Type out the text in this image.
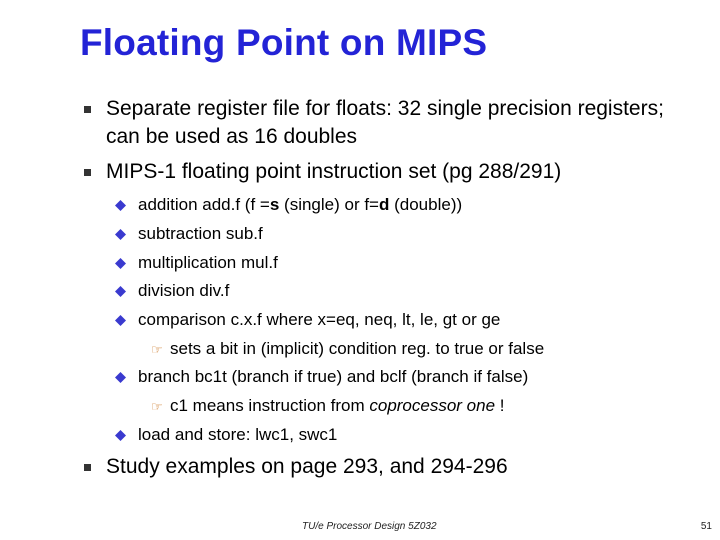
Floating Point on MIPS
Separate register file for floats: 32 single precision registers; can be used as 16 doubles
MIPS-1 floating point instruction set (pg 288/291)
addition add.f (f =s (single) or f=d (double))
subtraction sub.f
multiplication mul.f
division div.f
comparison c.x.f where x=eq, neq, lt, le, gt or ge
☞ sets a bit in (implicit) condition reg. to true or false
branch bc1t (branch if true) and bclf (branch if false)
☞ c1 means instruction from coprocessor one !
load and store: lwc1, swc1
Study examples on page 293, and 294-296
TU/e Processor Design 5Z032	51
